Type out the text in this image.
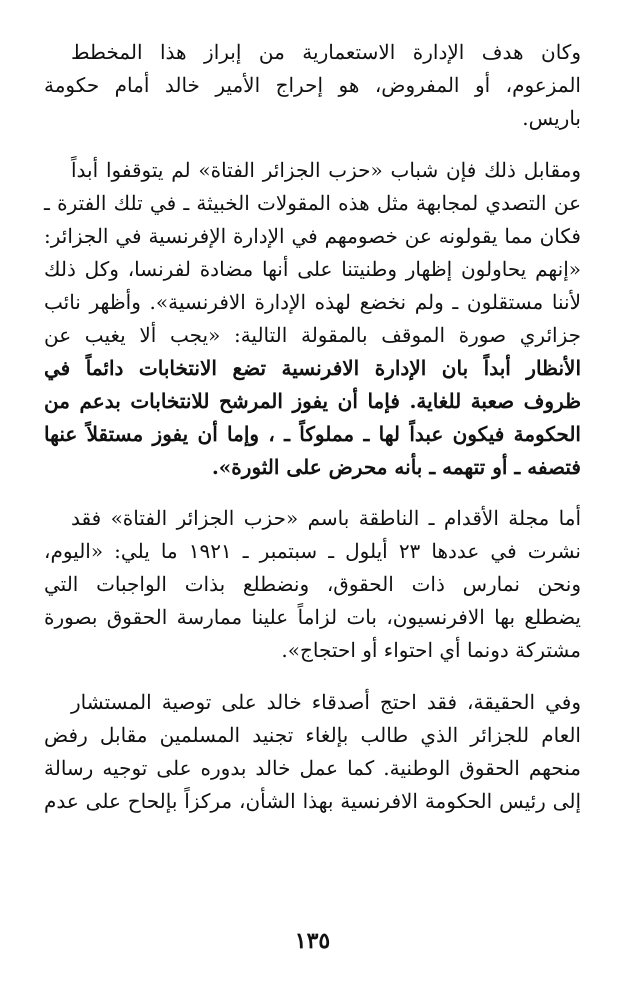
وكان هدف الإدارة الاستعمارية من إبراز هذا المخطط
المزعوم، أو المفروض، هو إحراج الأمير خالد أمام حكومة
باريس.
ومقابل ذلك فإن شباب «حزب الجزائر الفتاة» لم يتوقفوا أبداً
عن التصدي لمجابهة مثل هذه المقولات الخبيثة ـ في تلك الفترة ـ
فكان مما يقولونه عن خصومهم في الإدارة الإفرنسية في الجزائر:
«إنهم يحاولون إظهار وطنيتنا على أنها مضادة لفرنسا، وكل ذلك
لأننا مستقلون ـ ولم نخضع لهذه الإدارة الافرنسية». وأظهر نائب
جزائري صورة الموقف بالمقولة التالية: «يجب ألا يغيب عن
الأنظار أبداً بان الإدارة الافرنسية تضع الانتخابات دائماً في
ظروف صعبة للغاية. فإما أن يفوز المرشح للانتخابات بدعم من
الحكومة فيكون عبداً لها ـ مملوكاً ـ ، وإما أن يفوز مستقلاً عنها
فتصفه ـ أو تتهمه ـ بأنه محرض على الثورة».
أما مجلة الأقدام ـ الناطقة باسم «حزب الجزائر الفتاة» فقد
نشرت في عددها ٢٣ أيلول ـ سبتمبر ـ ١٩٢١ ما يلي: «اليوم،
ونحن نمارس ذات الحقوق، ونضطلع بذات الواجبات التي
يضطلع بها الافرنسيون، بات لزاماً علينا ممارسة الحقوق بصورة
مشتركة دونما أي احتواء أو احتجاج».
وفي الحقيقة، فقد احتج أصدقاء خالد على توصية المستشار
العام للجزائر الذي طالب بإلغاء تجنيد المسلمين مقابل رفض
منحهم الحقوق الوطنية. كما عمل خالد بدوره على توجيه رسالة
إلى رئيس الحكومة الافرنسية بهذا الشأن، مركزاً بإلحاح على عدم
١٣٥
